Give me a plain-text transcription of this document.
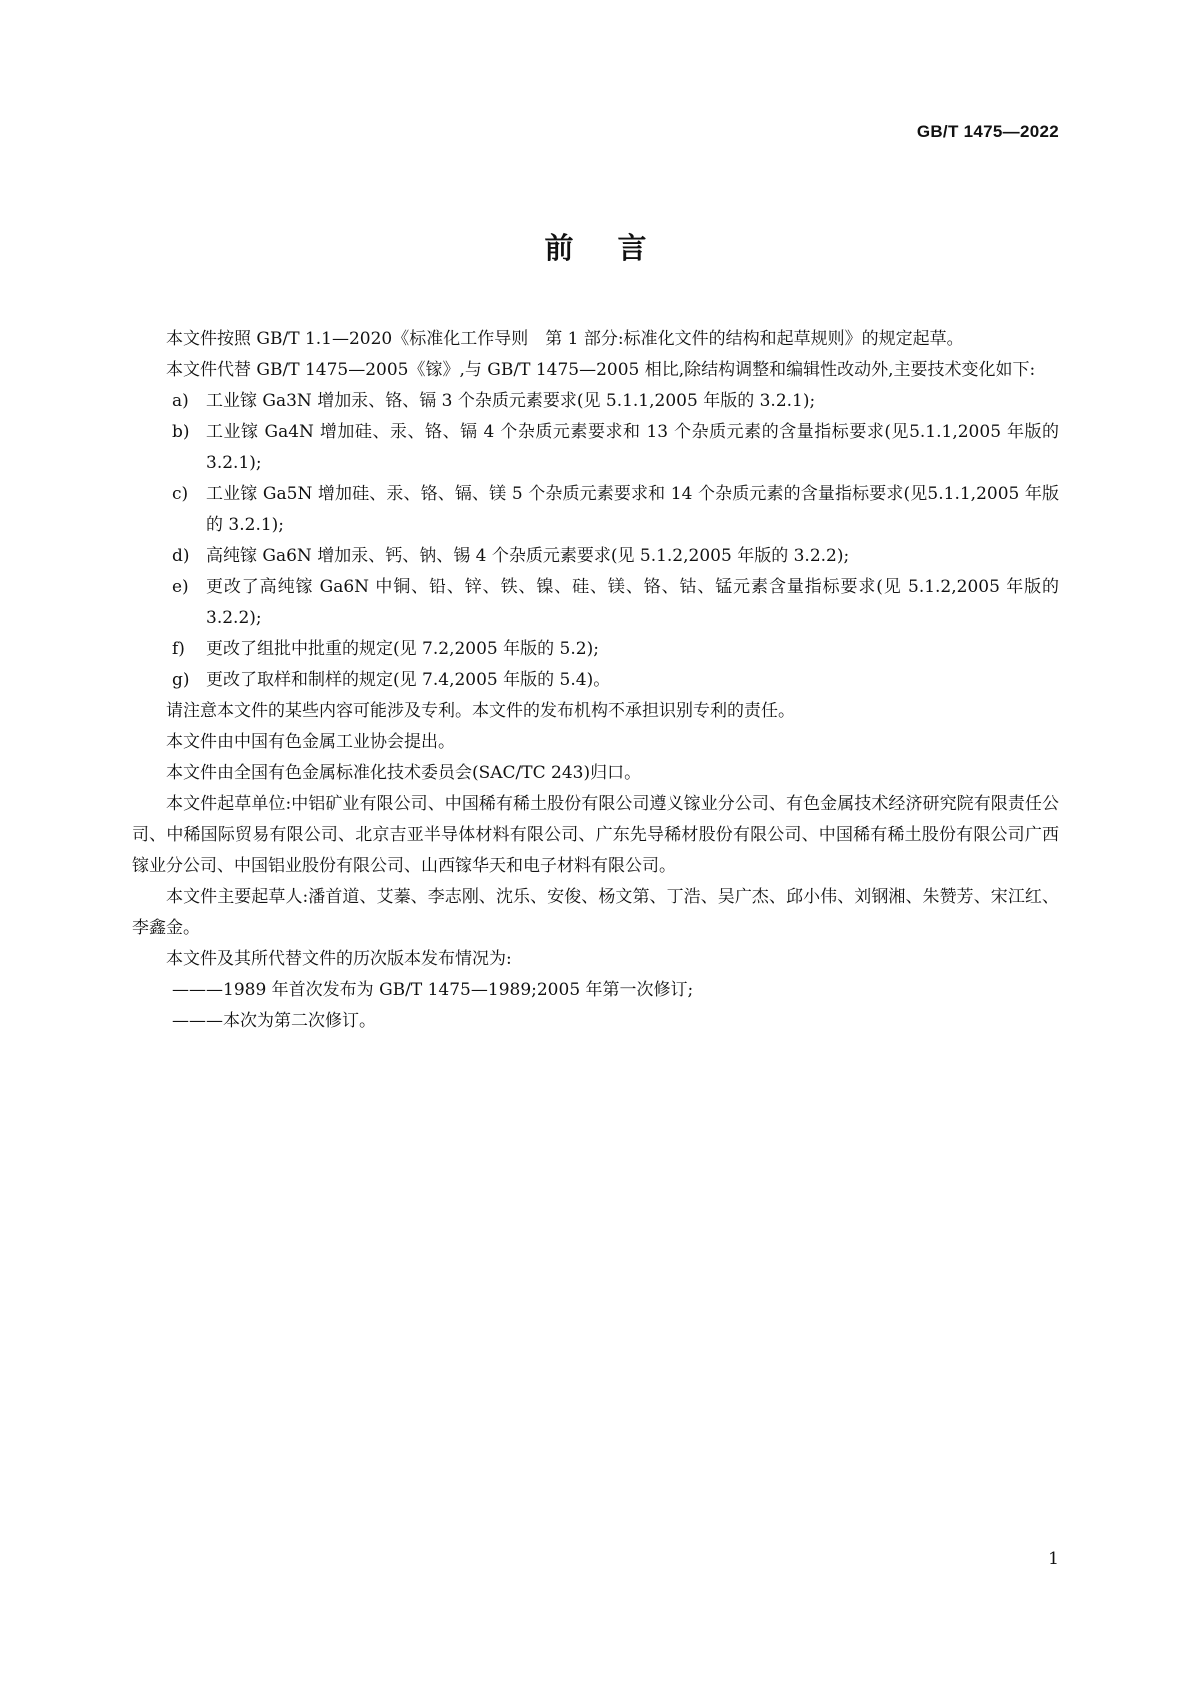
GB/T 1475—2022
前 言

本文件按照 GB/T 1.1—2020《标准化工作导则　第 1 部分:标准化文件的结构和起草规则》的规定起草。

本文件代替 GB/T 1475—2005《镓》,与 GB/T 1475—2005 相比,除结构调整和编辑性改动外,主要技术变化如下:

a) 工业镓 Ga3N 增加汞、铬、镉 3 个杂质元素要求(见 5.1.1,2005 年版的 3.2.1);
b) 工业镓 Ga4N 增加硅、汞、铬、镉 4 个杂质元素要求和 13 个杂质元素的含量指标要求(见5.1.1,2005 年版的 3.2.1);
c) 工业镓 Ga5N 增加硅、汞、铬、镉、镁 5 个杂质元素要求和 14 个杂质元素的含量指标要求(见5.1.1,2005 年版的 3.2.1);
d) 高纯镓 Ga6N 增加汞、钙、钠、锡 4 个杂质元素要求(见 5.1.2,2005 年版的 3.2.2);
e) 更改了高纯镓 Ga6N 中铜、铅、锌、铁、镍、硅、镁、铬、钴、锰元素含量指标要求(见 5.1.2,2005 年版的 3.2.2);
f) 更改了组批中批重的规定(见 7.2,2005 年版的 5.2);
g) 更改了取样和制样的规定(见 7.4,2005 年版的 5.4)。

请注意本文件的某些内容可能涉及专利。本文件的发布机构不承担识别专利的责任。

本文件由中国有色金属工业协会提出。

本文件由全国有色金属标准化技术委员会(SAC/TC 243)归口。

本文件起草单位:中铝矿业有限公司、中国稀有稀土股份有限公司遵义镓业分公司、有色金属技术经济研究院有限责任公司、中稀国际贸易有限公司、北京吉亚半导体材料有限公司、广东先导稀材股份有限公司、中国稀有稀土股份有限公司广西镓业分公司、中国铝业股份有限公司、山西镓华天和电子材料有限公司。

本文件主要起草人:潘首道、艾蓁、李志刚、沈乐、安俊、杨文第、丁浩、吴广杰、邱小伟、刘钢湘、朱赞芳、宋江红、李鑫金。

本文件及其所代替文件的历次版本发布情况为:

———1989 年首次发布为 GB/T 1475—1989;2005 年第一次修订;
———本次为第二次修订。
1
